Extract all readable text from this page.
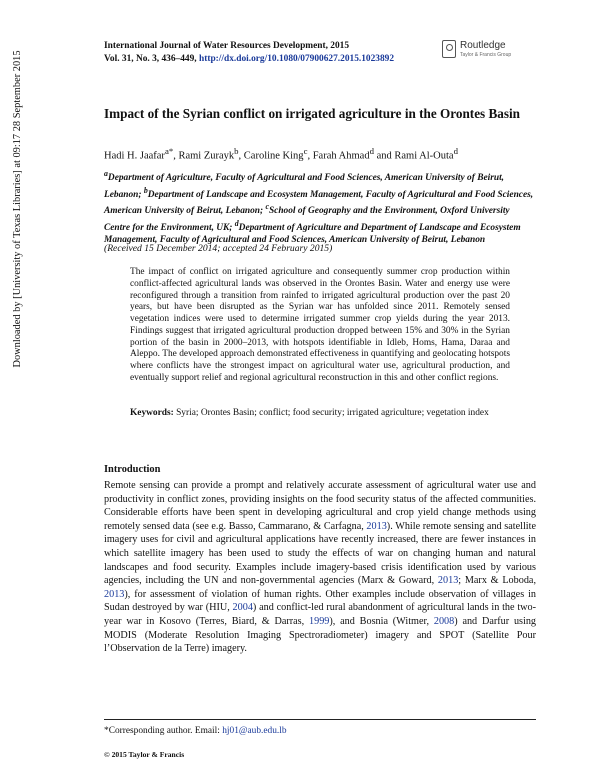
Downloaded by [University of Texas Libraries] at 09:17 28 September 2015
International Journal of Water Resources Development, 2015
Vol. 31, No. 3, 436–449, http://dx.doi.org/10.1080/07900627.2015.1023892
Routledge
Taylor & Francis Group
Impact of the Syrian conflict on irrigated agriculture in the Orontes Basin
Hadi H. Jaafar$^{a*}$, Rami Zurayk$^b$, Caroline King$^c$, Farah Ahmad$^d$ and Rami Al-Outa$^d$
$^a$Department of Agriculture, Faculty of Agricultural and Food Sciences, American University of Beirut, Lebanon; $^b$Department of Landscape and Ecosystem Management, Faculty of Agricultural and Food Sciences, American University of Beirut, Lebanon; $^c$School of Geography and the Environment, Oxford University Centre for the Environment, UK; $^d$Department of Agriculture and Department of Landscape and Ecosystem Management, Faculty of Agricultural and Food Sciences, American University of Beirut, Lebanon
(Received 15 December 2014; accepted 24 February 2015)
The impact of conflict on irrigated agriculture and consequently summer crop production within conflict-affected agricultural lands was observed in the Orontes Basin. Water and energy use were reconfigured through a transition from rainfed to irrigated agricultural production over the past 20 years, but have been disrupted as the Syrian war has unfolded since 2011. Remotely sensed vegetation indices were used to determine irrigated summer crop yields during the year 2013. Findings suggest that irrigated agricultural production dropped between 15% and 30% in the Syrian portion of the basin in 2000–2013, with hotspots identifiable in Idleb, Homs, Hama, Daraa and Aleppo. The developed approach demonstrated effectiveness in quantifying and geolocating hotspots where conflicts have the strongest impact on agricultural water use, agricultural production, and eventually support relief and regional agricultural reconstruction in this and other conflict regions.
Keywords: Syria; Orontes Basin; conflict; food security; irrigated agriculture; vegetation index
Introduction
Remote sensing can provide a prompt and relatively accurate assessment of agricultural water use and productivity in conflict zones, providing insights on the food security status of the affected communities. Considerable efforts have been spent in developing agricultural and crop yield change methods using remotely sensed data (see e.g. Basso, Cammarano, & Carfagna, 2013). While remote sensing and satellite imagery uses for civil and agricultural applications have recently increased, there are fewer instances in which satellite imagery has been used to study the effects of war on changing human and natural landscapes and food security. Examples include imagery-based crisis identification used by various agencies, including the UN and non-governmental agencies (Marx & Goward, 2013; Marx & Loboda, 2013), for assessment of violation of human rights. Other examples include observation of villages in Sudan destroyed by war (HIU, 2004) and conflict-led rural abandonment of agricultural lands in the two-year war in Kosovo (Terres, Biard, & Darras, 1999), and Bosnia (Witmer, 2008) and Darfur using MODIS (Moderate Resolution Imaging Spectroradiometer) imagery and SPOT (Satellite Pour l’Observation de la Terre) imagery.
*Corresponding author. Email: hj01@aub.edu.lb
© 2015 Taylor & Francis
